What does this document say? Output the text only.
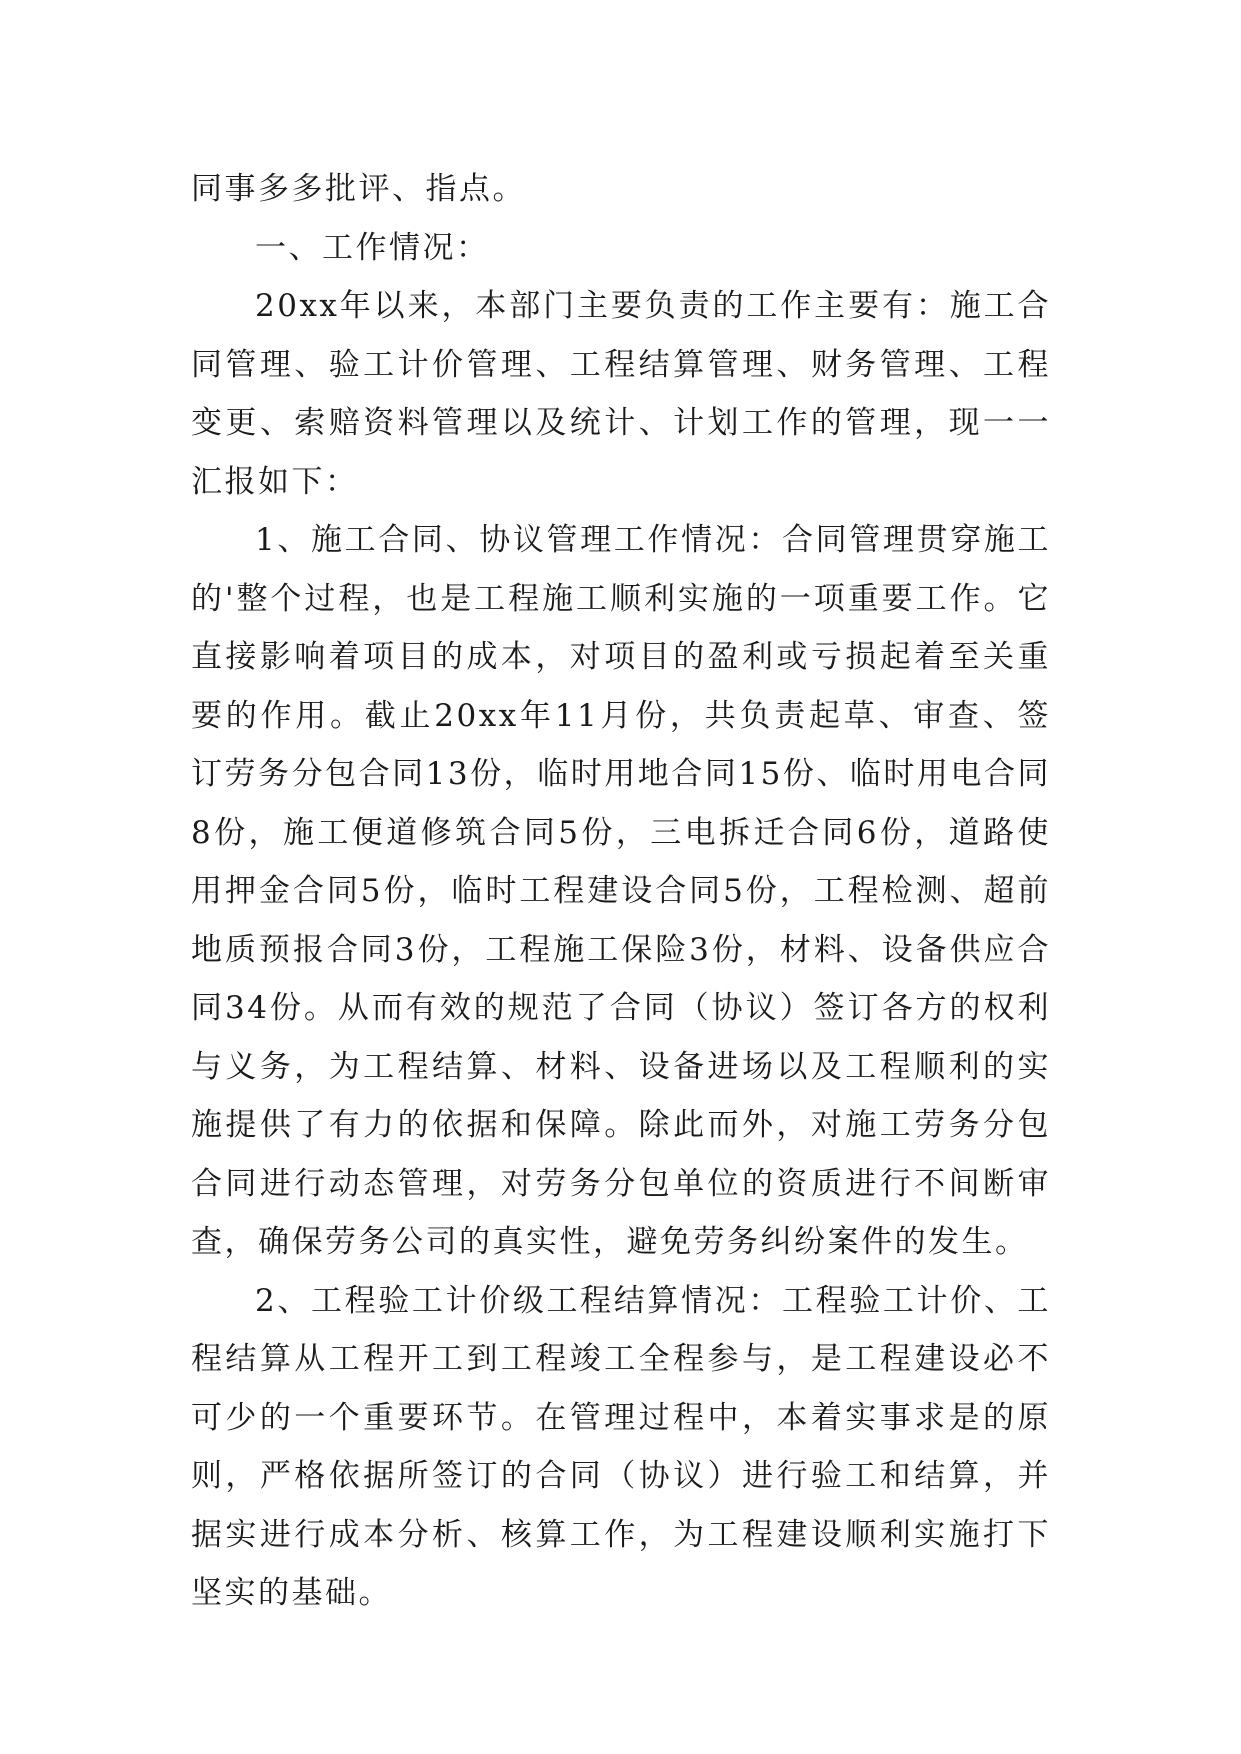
同事多多批评、指点。

一、工作情况：

20xx年以来，本部门主要负责的工作主要有：施工合同管理、验工计价管理、工程结算管理、财务管理、工程变更、索赔资料管理以及统计、计划工作的管理，现一一汇报如下：

1、施工合同、协议管理工作情况：合同管理贯穿施工的'整个过程，也是工程施工顺利实施的一项重要工作。它直接影响着项目的成本，对项目的盈利或亏损起着至关重要的作用。截止20xx年11月份，共负责起草、审查、签订劳务分包合同13份，临时用地合同15份、临时用电合同8份，施工便道修筑合同5份，三电拆迁合同6份，道路使用押金合同5份，临时工程建设合同5份，工程检测、超前地质预报合同3份，工程施工保险3份，材料、设备供应合同34份。从而有效的规范了合同（协议）签订各方的权利与义务，为工程结算、材料、设备进场以及工程顺利的实施提供了有力的依据和保障。除此而外，对施工劳务分包合同进行动态管理，对劳务分包单位的资质进行不间断审查，确保劳务公司的真实性，避免劳务纠纷案件的发生。

2、工程验工计价级工程结算情况：工程验工计价、工程结算从工程开工到工程竣工全程参与，是工程建设必不可少的一个重要环节。在管理过程中，本着实事求是的原则，严格依据所签订的合同（协议）进行验工和结算，并据实进行成本分析、核算工作，为工程建设顺利实施打下坚实的基础。
